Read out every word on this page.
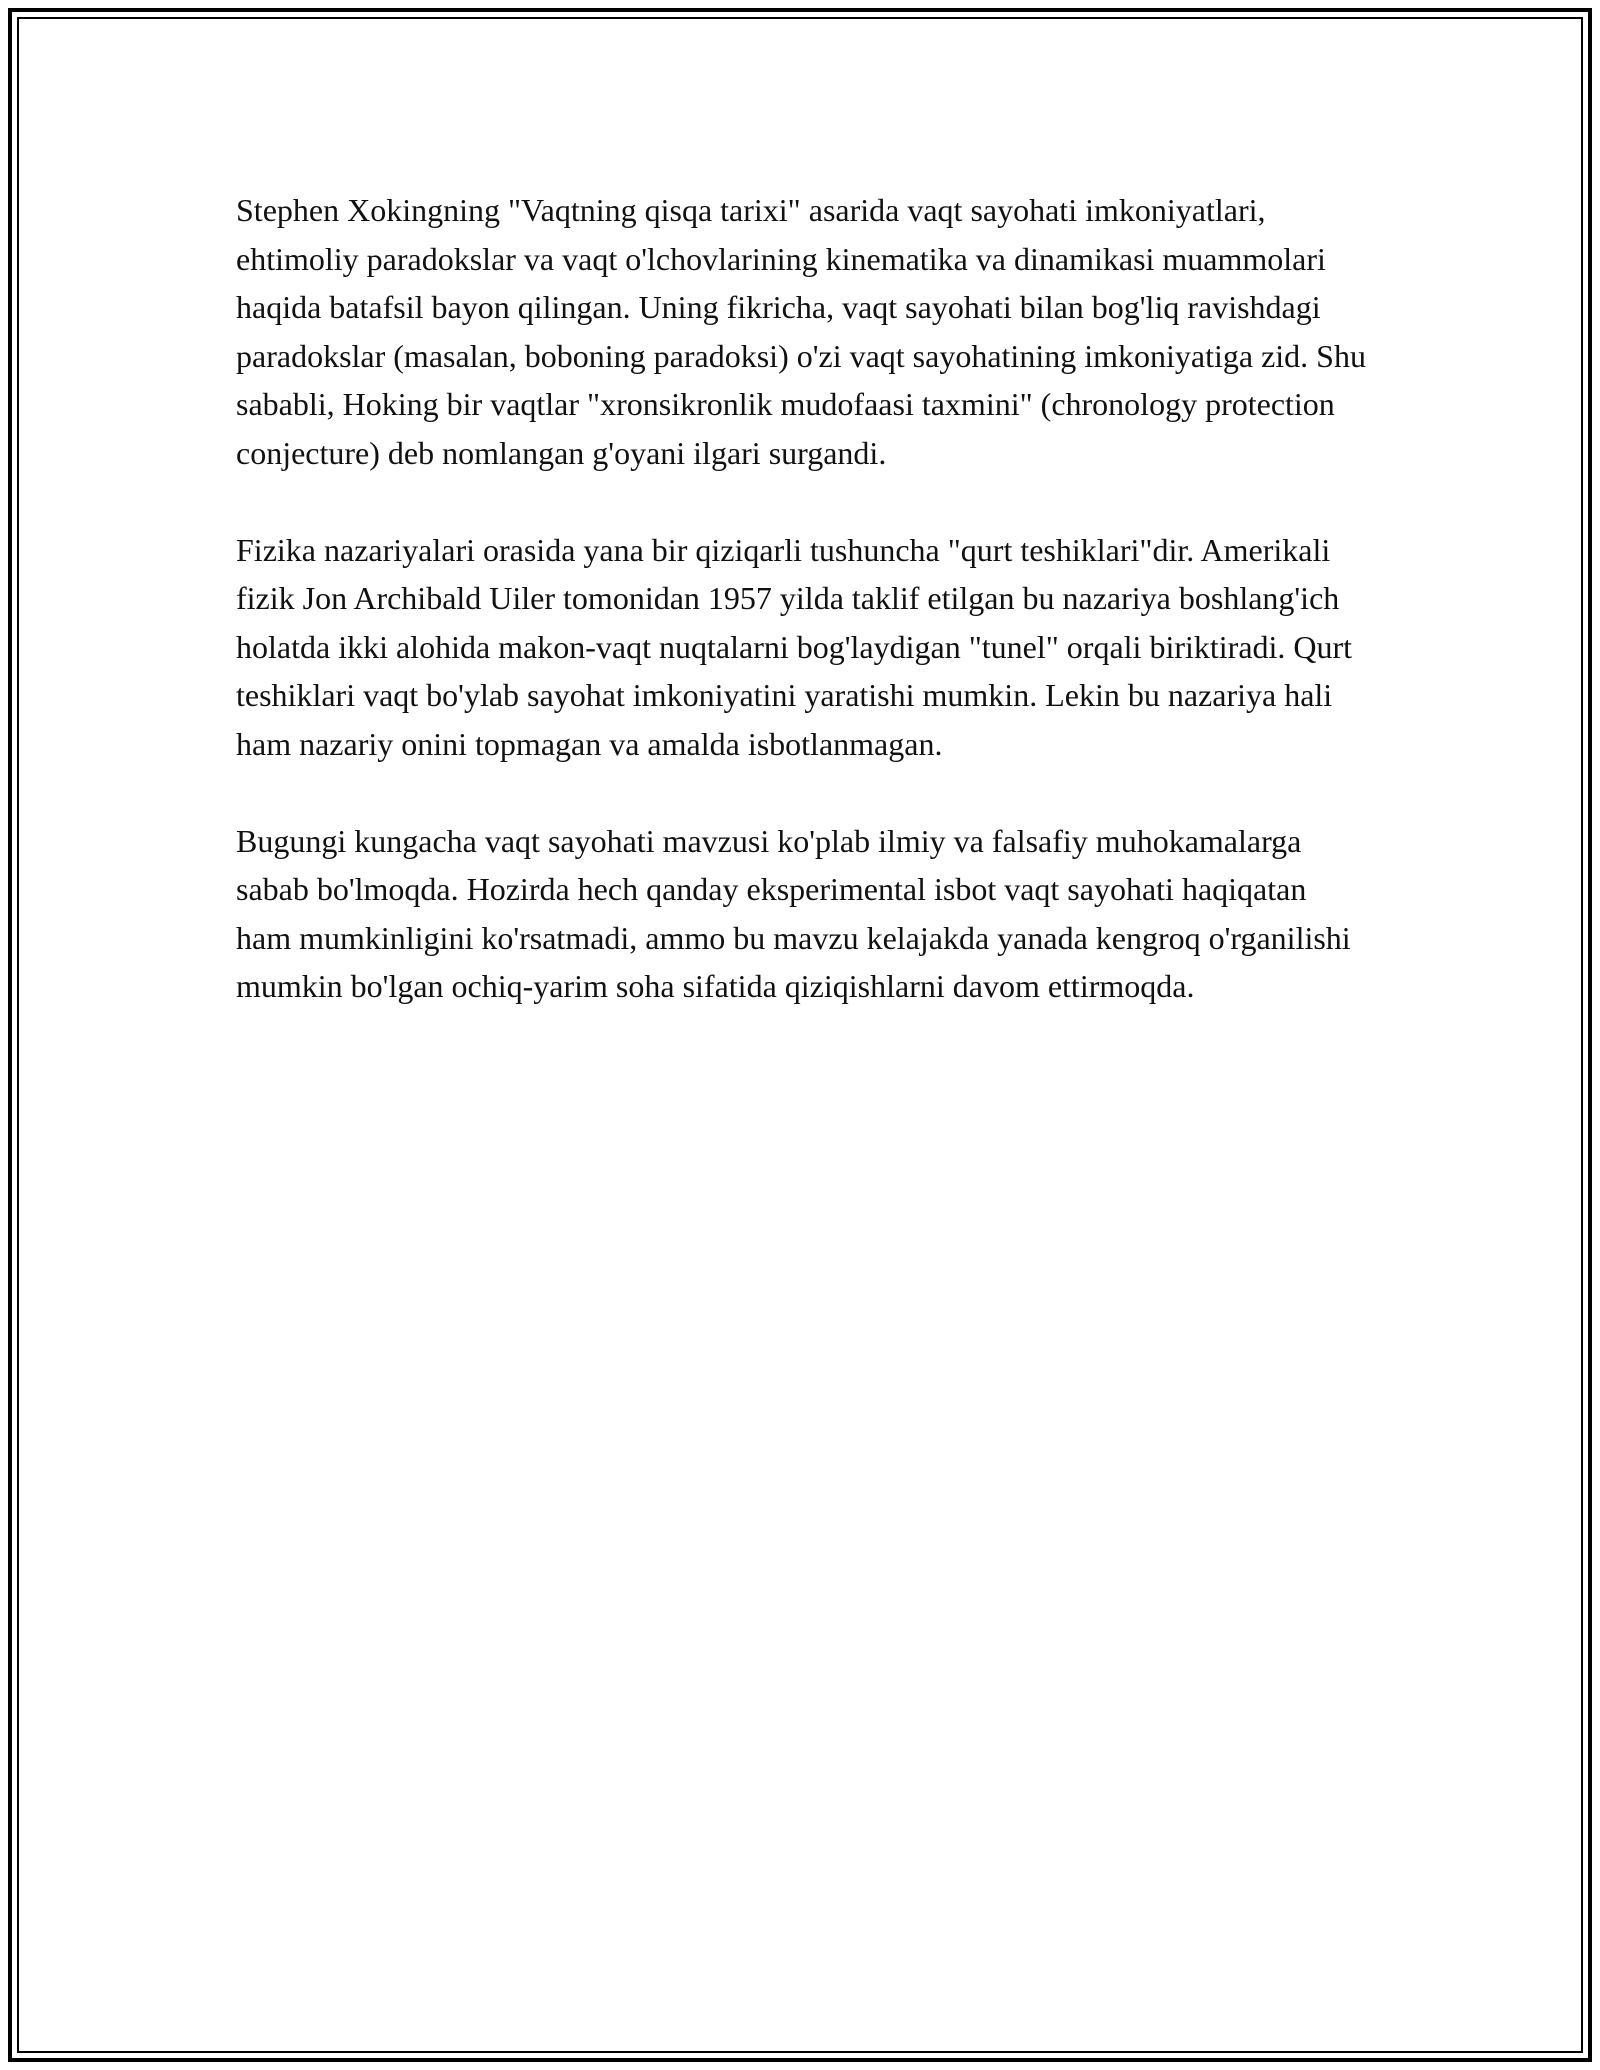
Stephen Xokingning "Vaqtning qisqa tarixi" asarida vaqt sayohati imkoniyatlari, ehtimoliy paradokslar va vaqt o'lchovlarining kinematika va dinamikasi muammolari haqida batafsil bayon qilingan. Uning fikricha, vaqt sayohati bilan bog'liq ravishdagi paradokslar (masalan, boboning paradoksi) o'zi vaqt sayohatining imkoniyatiga zid. Shu sababli, Hoking bir vaqtlar "xronsikronlik mudofaasi taxmini" (chronology protection conjecture) deb nomlangan g'oyani ilgari surgandi.

Fizika nazariyalari orasida yana bir qiziqarli tushuncha "qurt teshiklari"dir. Amerikali fizik Jon Archibald Uiler tomonidan 1957 yilda taklif etilgan bu nazariya boshlang'ich holatda ikki alohida makon-vaqt nuqtalarni bog'laydigan "tunel" orqali biriktiradi. Qurt teshiklari vaqt bo'ylab sayohat imkoniyatini yaratishi mumkin. Lekin bu nazariya hali ham nazariy onini topmagan va amalda isbotlanmagan.

Bugungi kungacha vaqt sayohati mavzusi ko'plab ilmiy va falsafiy muhokamalarga sabab bo'lmoqda. Hozirda hech qanday eksperimental isbot vaqt sayohati haqiqatan ham mumkinligini ko'rsatmadi, ammo bu mavzu kelajakda yanada kengroq o'rganilishi mumkin bo'lgan ochiq-yarim soha sifatida qiziqishlarni davom ettirmoqda.
